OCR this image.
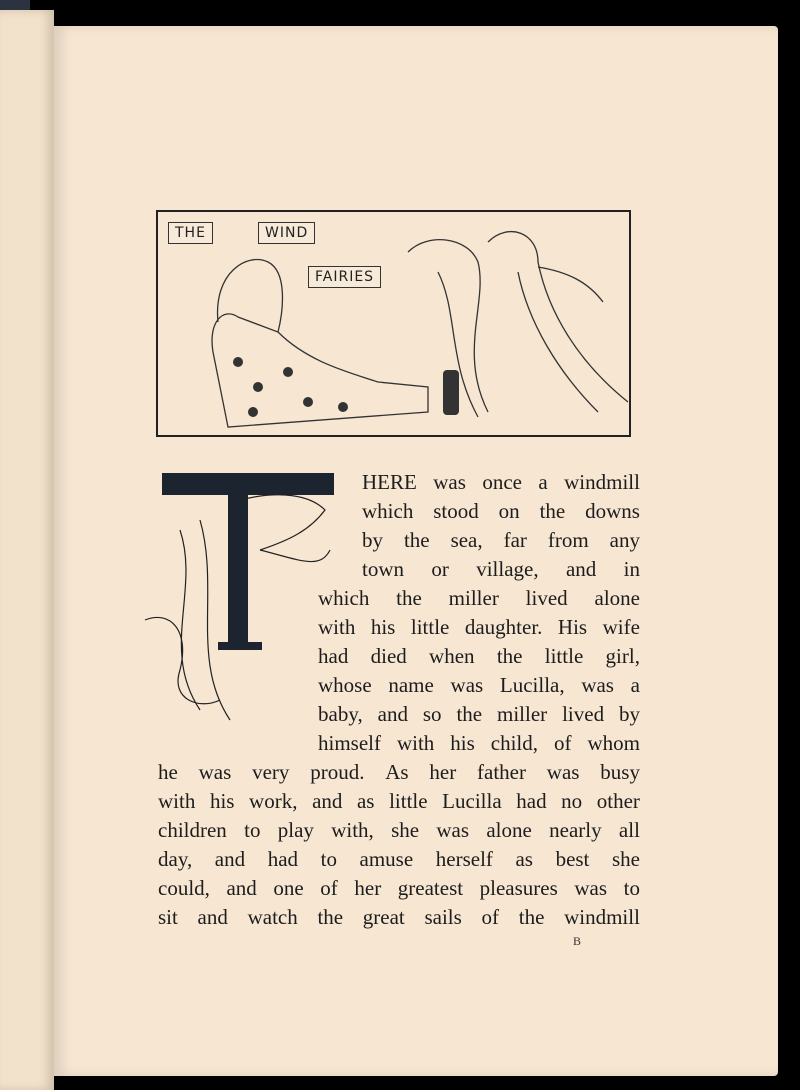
THE	WIND
FAIRIES
HERE was once a windmill
which stood on the downs
by the sea, far from any
town or village, and in
which the miller lived alone
with his little daughter. His wife
had died when the little girl,
whose name was Lucilla, was a
baby, and so the miller lived by
himself with his child, of whom
he was very proud. As her father was busy
with his work, and as little Lucilla had no other
children to play with, she was alone nearly all
day, and had to amuse herself as best she
could, and one of her greatest pleasures was to
sit and watch the great sails of the windmill
B
